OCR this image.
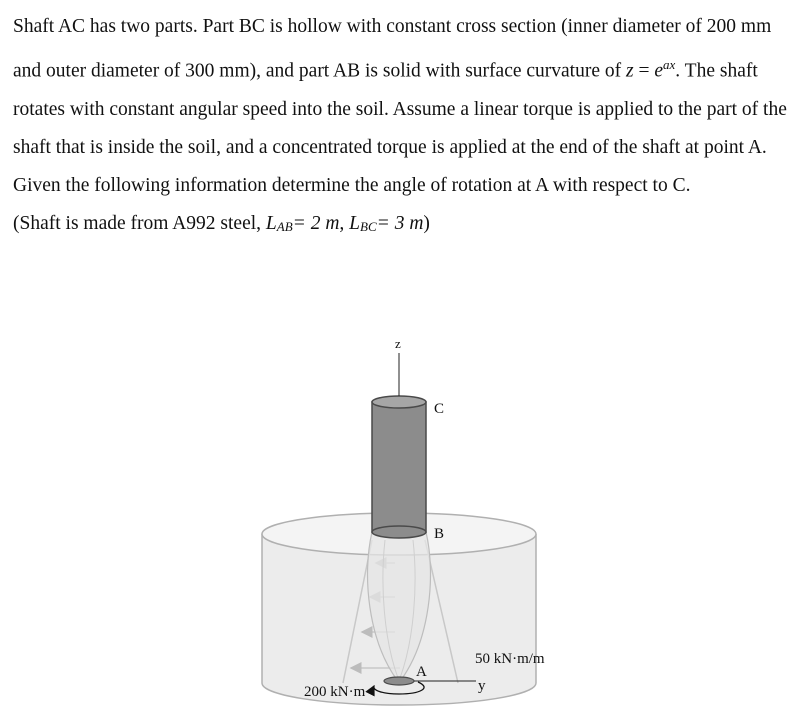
Shaft AC has two parts. Part BC is hollow with constant cross section (inner diameter of 200 mm and outer diameter of 300 mm), and part AB is solid with surface curvature of $z = e^{ax}$. The shaft rotates with constant angular speed into the soil. Assume a linear torque is applied to the part of the shaft that is inside the soil, and a concentrated torque is applied at the end of the shaft at point A. Given the following information determine the angle of rotation at A with respect to C.

(Shaft is made from A992 steel, $L_{AB}= 2$ m, $L_{BC}= 3$ m)

z
y
C
B
A
50 kN·m/m
200 kN·m
